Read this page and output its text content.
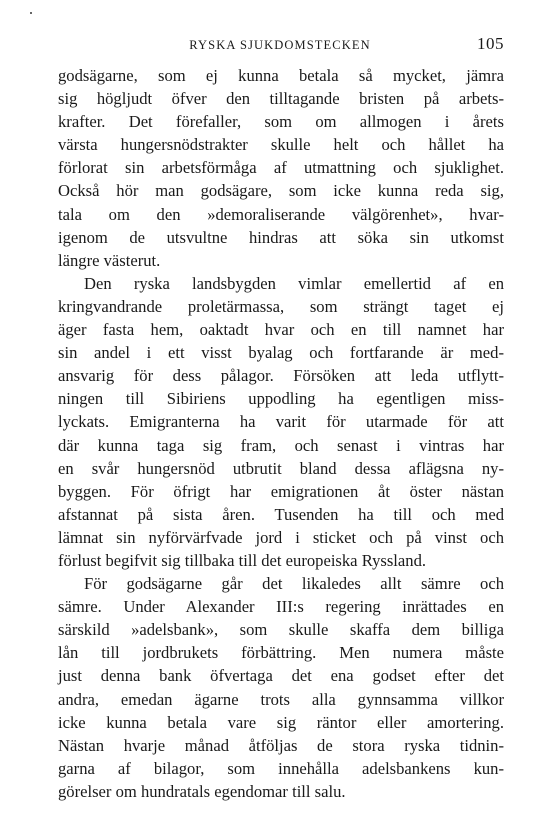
RYSKA SJUKDOMSTECKEN	105
godsägarne, som ej kunna betala så mycket, jämra
sig högljudt öfver den tilltagande bristen på arbets-
krafter. Det förefaller, som om allmogen i årets
värsta hungersnödstrakter skulle helt och hållet ha
förlorat sin arbetsförmåga af utmattning och sjuklighet.
Också hör man godsägare, som icke kunna reda sig,
tala om den »demoraliserande välgörenhet», hvar-
igenom de utsvultne hindras att söka sin utkomst
längre västerut.
Den ryska landsbygden vimlar emellertid af en
kringvandrande proletärmassa, som strängt taget ej
äger fasta hem, oaktadt hvar och en till namnet har
sin andel i ett visst byalag och fortfarande är med-
ansvarig för dess pålagor. Försöken att leda utflytt-
ningen till Sibiriens uppodling ha egentligen miss-
lyckats. Emigranterna ha varit för utarmade för att
där kunna taga sig fram, och senast i vintras har
en svår hungersnöd utbrutit bland dessa aflägsna ny-
byggen. För öfrigt har emigrationen åt öster nästan
afstannat på sista åren. Tusenden ha till och med
lämnat sin nyförvärfvade jord i sticket och på vinst och
förlust begifvit sig tillbaka till det europeiska Ryssland.
För godsägarne går det likaledes allt sämre och
sämre. Under Alexander III:s regering inrättades en
särskild »adelsbank», som skulle skaffa dem billiga
lån till jordbrukets förbättring. Men numera måste
just denna bank öfvertaga det ena godset efter det
andra, emedan ägarne trots alla gynnsamma villkor
icke kunna betala vare sig räntor eller amortering.
Nästan hvarje månad åtföljas de stora ryska tidnin-
garna af bilagor, som innehålla adelsbankens kun-
görelser om hundratals egendomar till salu.
